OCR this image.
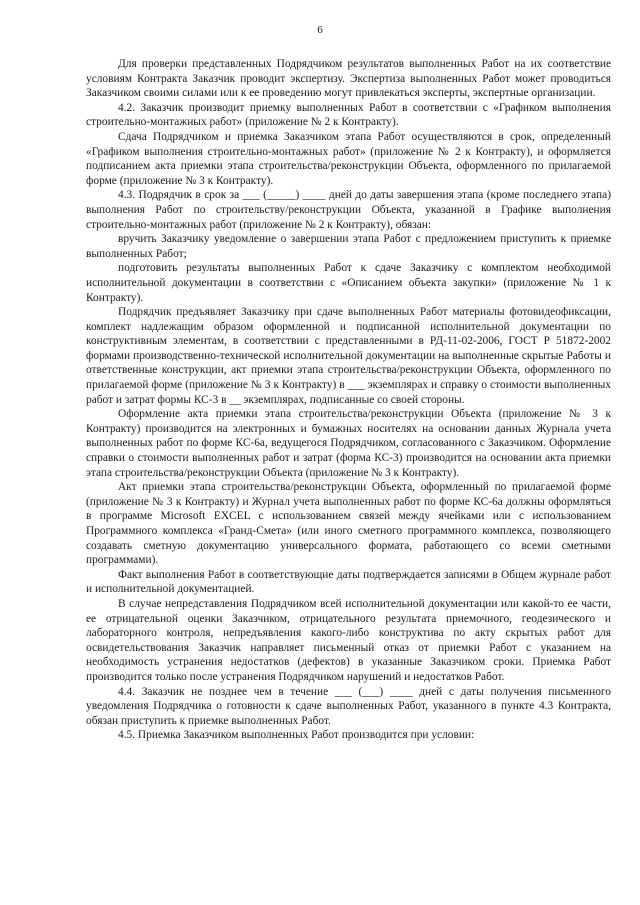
6

Для проверки представленных Подрядчиком результатов выполненных Работ на их соответствие условиям Контракта Заказчик проводит экспертизу. Экспертиза выполненных Работ может проводиться Заказчиком своими силами или к ее проведению могут привлекаться эксперты, экспертные организации.

4.2. Заказчик производит приемку выполненных Работ в соответствии с «Графиком выполнения строительно-монтажных работ» (приложение № 2 к Контракту).

Сдача Подрядчиком и приемка Заказчиком этапа Работ осуществляются в срок, определенный «Графиком выполнения строительно-монтажных работ» (приложение № 2 к Контракту), и оформляется подписанием акта приемки этапа строительства/реконструкции Объекта, оформленного по прилагаемой форме (приложение № 3 к Контракту).

4.3. Подрядчик в срок за ___ (_____) ____ дней до даты завершения этапа (кроме последнего этапа) выполнения Работ по строительству/реконструкции Объекта, указанной в Графике выполнения строительно-монтажных работ (приложение № 2 к Контракту), обязан:

вручить Заказчику уведомление о завершении этапа Работ с предложением приступить к приемке выполненных Работ;

подготовить результаты выполненных Работ к сдаче Заказчику с комплектом необходимой исполнительной документации в соответствии с «Описанием объекта закупки» (приложение № 1 к Контракту).

Подрядчик предъявляет Заказчику при сдаче выполненных Работ материалы фотовидеофиксации, комплект надлежащим образом оформленной и подписанной исполнительной документации по конструктивным элементам, в соответствии с представленными в РД-11-02-2006, ГОСТ Р 51872-2002 формами производственно-технической исполнительной документации на выполненные скрытые Работы и ответственные конструкции, акт приемки этапа строительства/реконструкции Объекта, оформленного по прилагаемой форме (приложение № 3 к Контракту) в ___ экземплярах и справку о стоимости выполненных работ и затрат формы КС-3 в __ экземплярах, подписанные со своей стороны.

Оформление акта приемки этапа строительства/реконструкции Объекта (приложение № 3 к Контракту) производится на электронных и бумажных носителях на основании данных Журнала учета выполненных работ по форме КС-6а, ведущегося Подрядчиком, согласованного с Заказчиком. Оформление справки о стоимости выполненных работ и затрат (форма КС-3) производится на основании акта приемки этапа строительства/реконструкции Объекта (приложение № 3 к Контракту).

Акт приемки этапа строительства/реконструкции Объекта, оформленный по прилагаемой форме (приложение № 3 к Контракту) и Журнал учета выполненных работ по форме КС-6а должны оформляться в программе Microsoft EXCEL с использованием связей между ячейками или с использованием Программного комплекса «Гранд-Смета» (или иного сметного программного комплекса, позволяющего создавать сметную документацию универсального формата, работающего со всеми сметными программами).

Факт выполнения Работ в соответствующие даты подтверждается записями в Общем журнале работ и исполнительной документацией.

В случае непредставления Подрядчиком всей исполнительной документации или какой-то ее части, ее отрицательной оценки Заказчиком, отрицательного результата приемочного, геодезического и лабораторного контроля, непредъявления какого-либо конструктива по акту скрытых работ для освидетельствования Заказчик направляет письменный отказ от приемки Работ с указанием на необходимость устранения недостатков (дефектов) в указанные Заказчиком сроки. Приемка Работ производится только после устранения Подрядчиком нарушений и недостатков Работ.

4.4. Заказчик не позднее чем в течение ___ (___) ____ дней с даты получения письменного уведомления Подрядчика о готовности к сдаче выполненных Работ, указанного в пункте 4.3 Контракта, обязан приступить к приемке выполненных Работ.

4.5. Приемка Заказчиком выполненных Работ производится при условии:
